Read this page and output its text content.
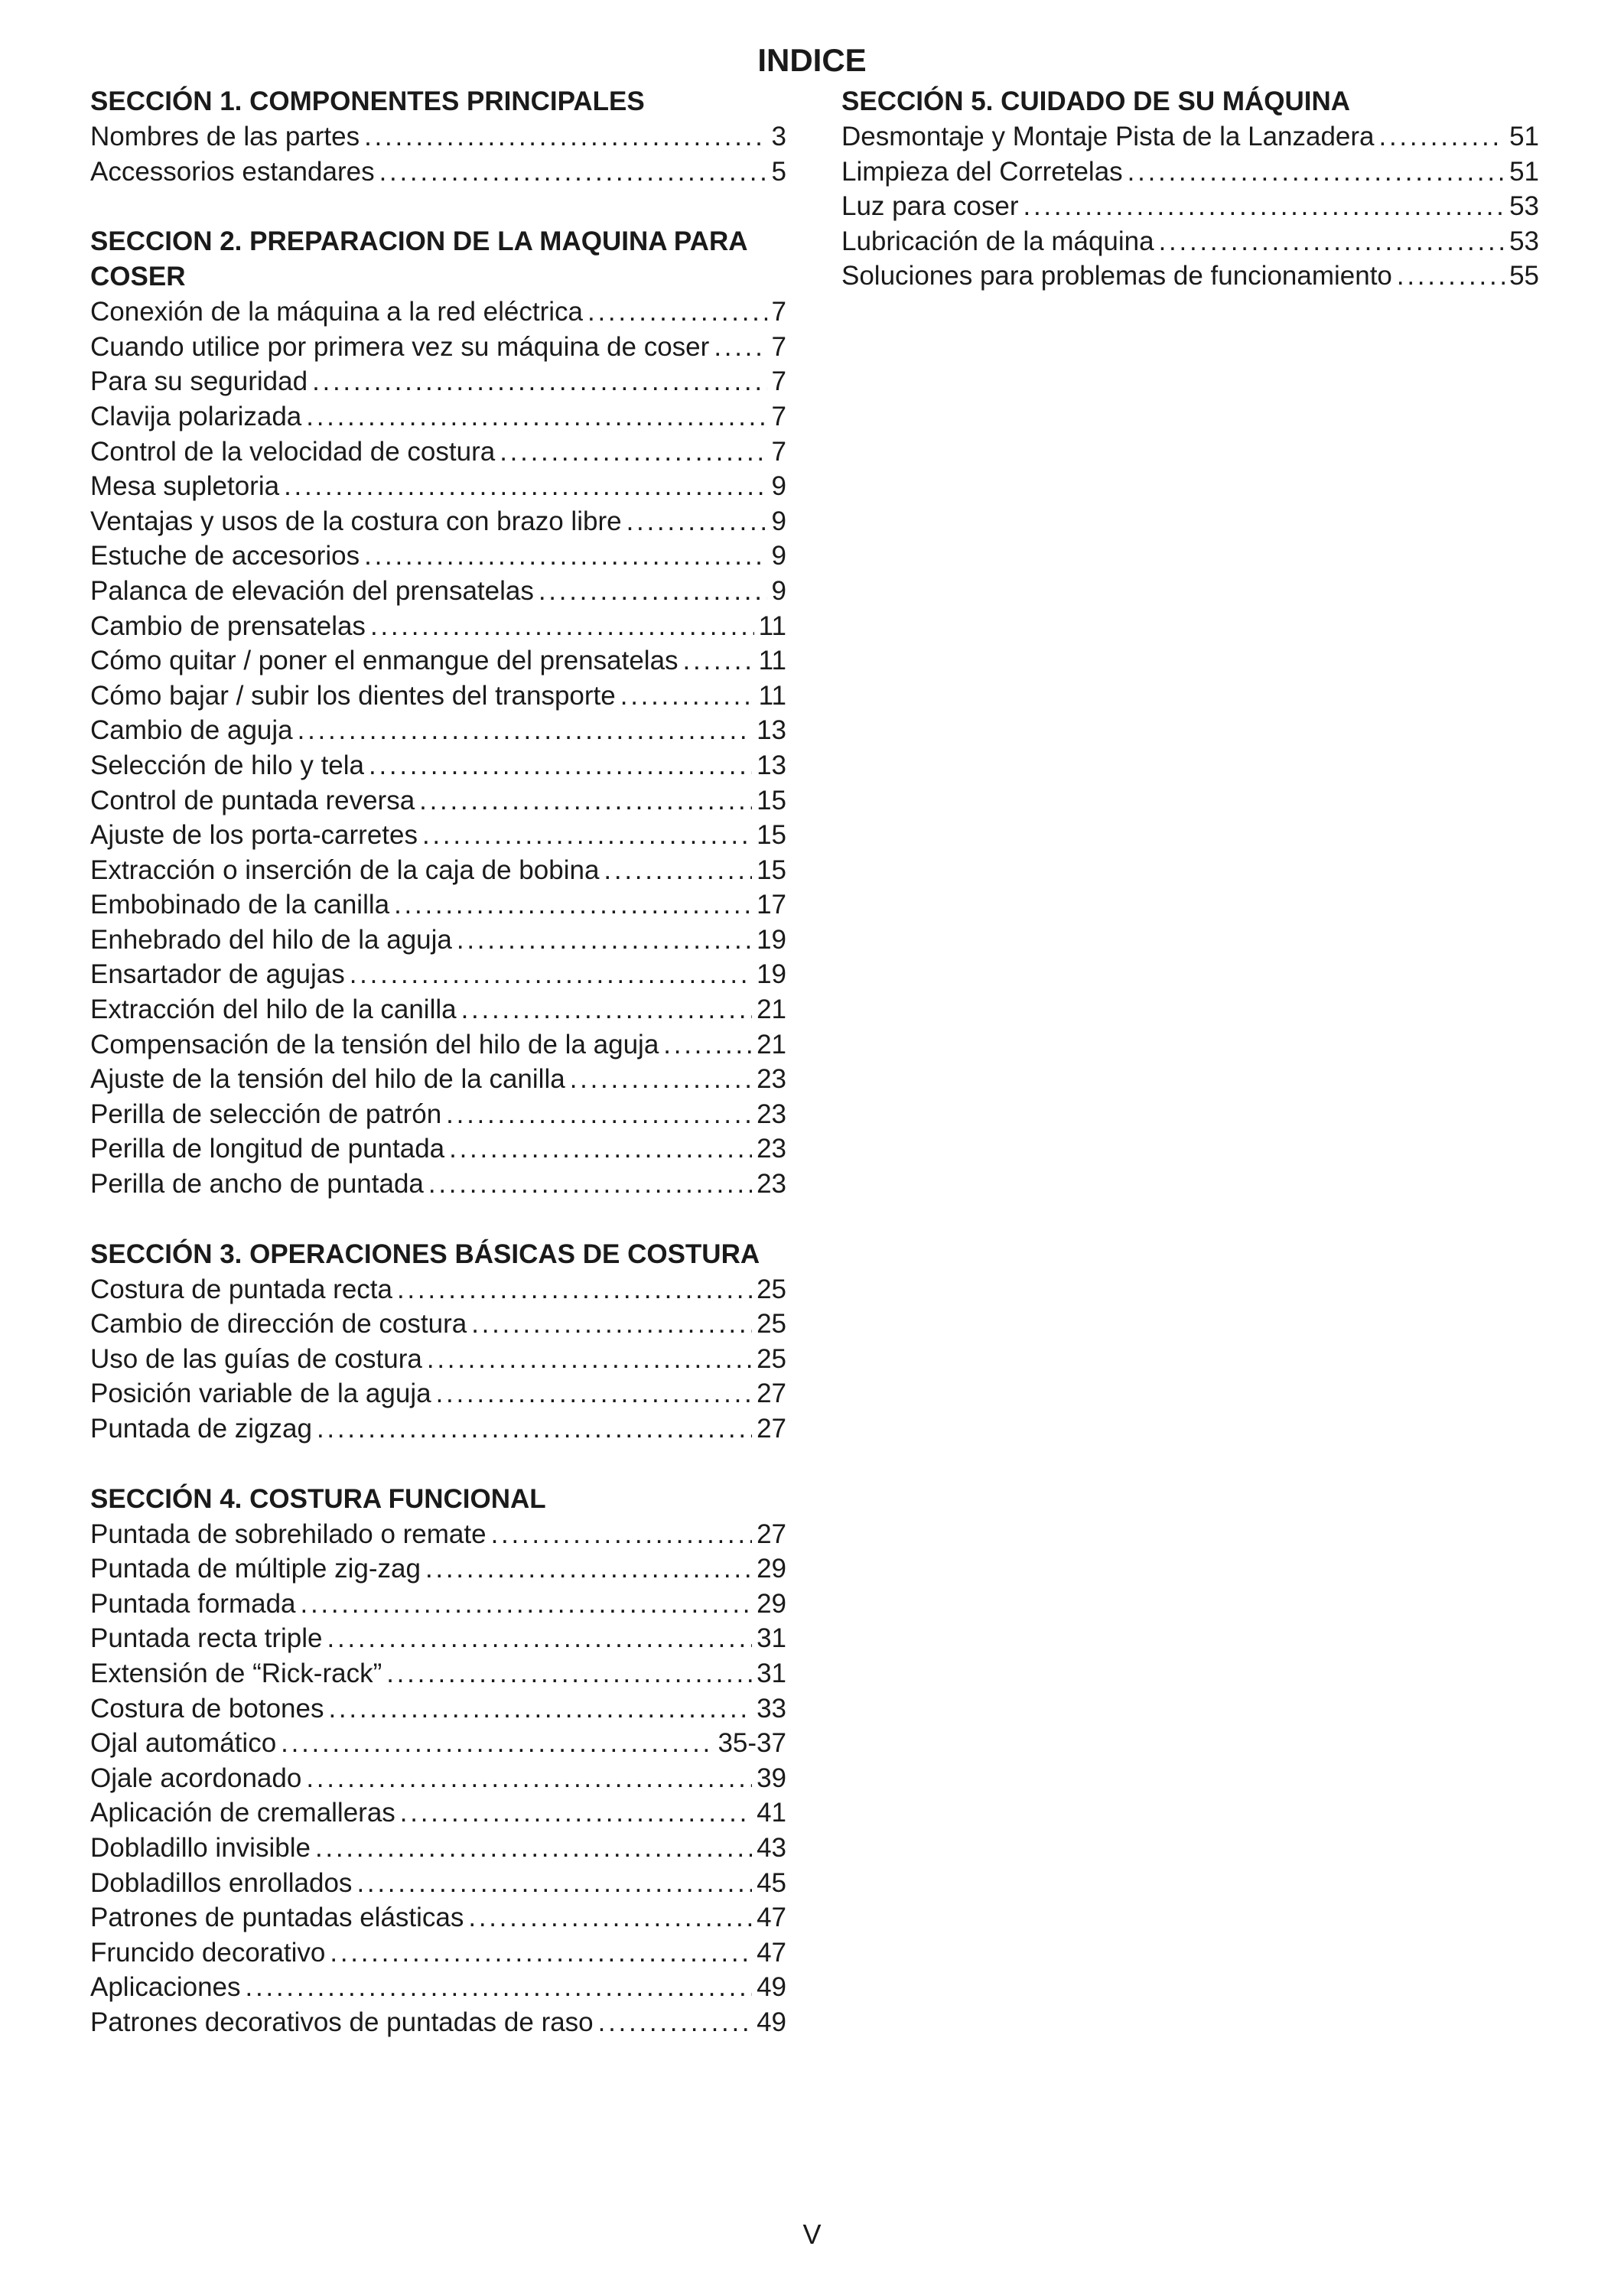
INDICE
SECCIÓN 1. COMPONENTES PRINCIPALES
Nombres de las partes . . .	3
Accessorios estandares . . .	5
SECCION 2. PREPARACION DE LA MAQUINA PARA COSER
Conexión de la máquina a la red eléctrica . . .	7
Cuando utilice por primera vez su máquina de coser . . . 7
Para su seguridad . . .	7
Clavija polarizada . . .	7
Control de la velocidad de costura . . .	7
Mesa supletoria . . .	9
Ventajas y usos de la costura con brazo libre . . .	9
Estuche de accesorios . . .	9
Palanca de elevación del prensatelas . . .	9
Cambio de prensatelas . . .	11
Cómo quitar / poner el enmangue del prensatelas . . .	11
Cómo bajar / subir los dientes del transporte . . .	11
Cambio de aguja . . .	13
Selección de hilo y tela . . .	13
Control de puntada reversa . . .	15
Ajuste de los porta-carretes . . .	15
Extracción o inserción de la caja de bobina . . .	15
Embobinado de la canilla . . .	17
Enhebrado del hilo de la aguja . . .	19
Ensartador de agujas . . .	19
Extracción del hilo de la canilla . . .	21
Compensación de la tensión del hilo de la aguja . . .	21
Ajuste de la tensión del hilo de la canilla . . .	23
Perilla de selección de patrón . . .	23
Perilla de longitud de puntada . . .	23
Perilla de ancho de puntada . . .	23
SECCIÓN 3. OPERACIONES BÁSICAS DE COSTURA
Costura de puntada recta . . .	25
Cambio de dirección de costura . . .	25
Uso de las guías de costura . . .	25
Posición variable de la aguja . . .	27
Puntada de zigzag . . .	27
SECCIÓN 4. COSTURA FUNCIONAL
Puntada de sobrehilado o remate . . .	27
Puntada de múltiple zig-zag . . .	29
Puntada formada . . .	29
Puntada recta triple . . .	31
Extensión de “Rick-rack” . . .	31
Costura de botones . . .	33
Ojal automático . . .	35-37
Ojale acordonado . . .	39
Aplicación de cremalleras . . .	41
Dobladillo invisible . . .	43
Dobladillos enrollados . . .	45
Patrones de puntadas elásticas . . .	47
Fruncido decorativo . . .	47
Aplicaciones . . .	49
Patrones decorativos de puntadas de raso . . .	49
SECCIÓN 5. CUIDADO DE SU MÁQUINA
Desmontaje y Montaje Pista de la Lanzadera . . .	51
Limpieza del Corretelas . . .	51
Luz para coser . . .	53
Lubricación de la máquina . . .	53
Soluciones para problemas de funcionamiento . . .	55
V
